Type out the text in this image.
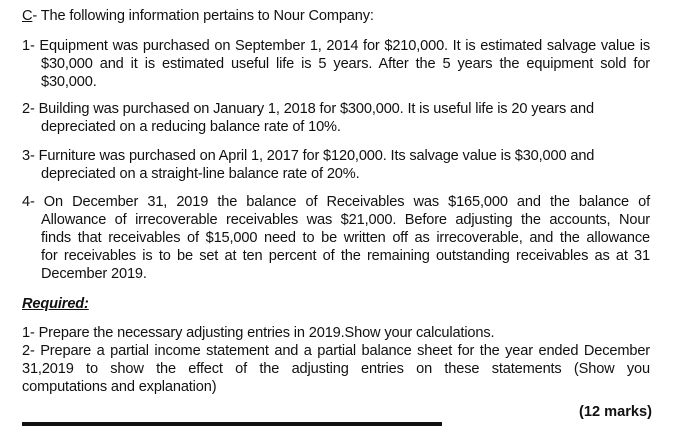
C- The following information pertains to Nour Company:
1- Equipment was purchased on September 1, 2014 for $210,000. It is estimated salvage value is
$30,000 and it is estimated useful life is 5 years. After the 5 years the equipment sold for
$30,000.
2- Building was purchased on January 1, 2018 for $300,000. It is useful life is 20 years and
depreciated on a reducing balance rate of 10%.
3- Furniture was purchased on April 1, 2017 for $120,000. Its salvage value is $30,000 and
depreciated on a straight-line balance rate of 20%.
4- On December 31, 2019 the balance of Receivables was $165,000 and the balance of
Allowance of irrecoverable receivables was $21,000. Before adjusting the accounts, Nour
finds that receivables of $15,000 need to be written off as irrecoverable, and the allowance
for receivables is to be set at ten percent of the remaining outstanding receivables as at 31
December 2019.
Required:
1- Prepare the necessary adjusting entries in 2019.Show your calculations.
2- Prepare a partial income statement and a partial balance sheet for the year ended December
31,2019 to show the effect of the adjusting entries on these statements (Show you
computations and explanation)
(12 marks)
